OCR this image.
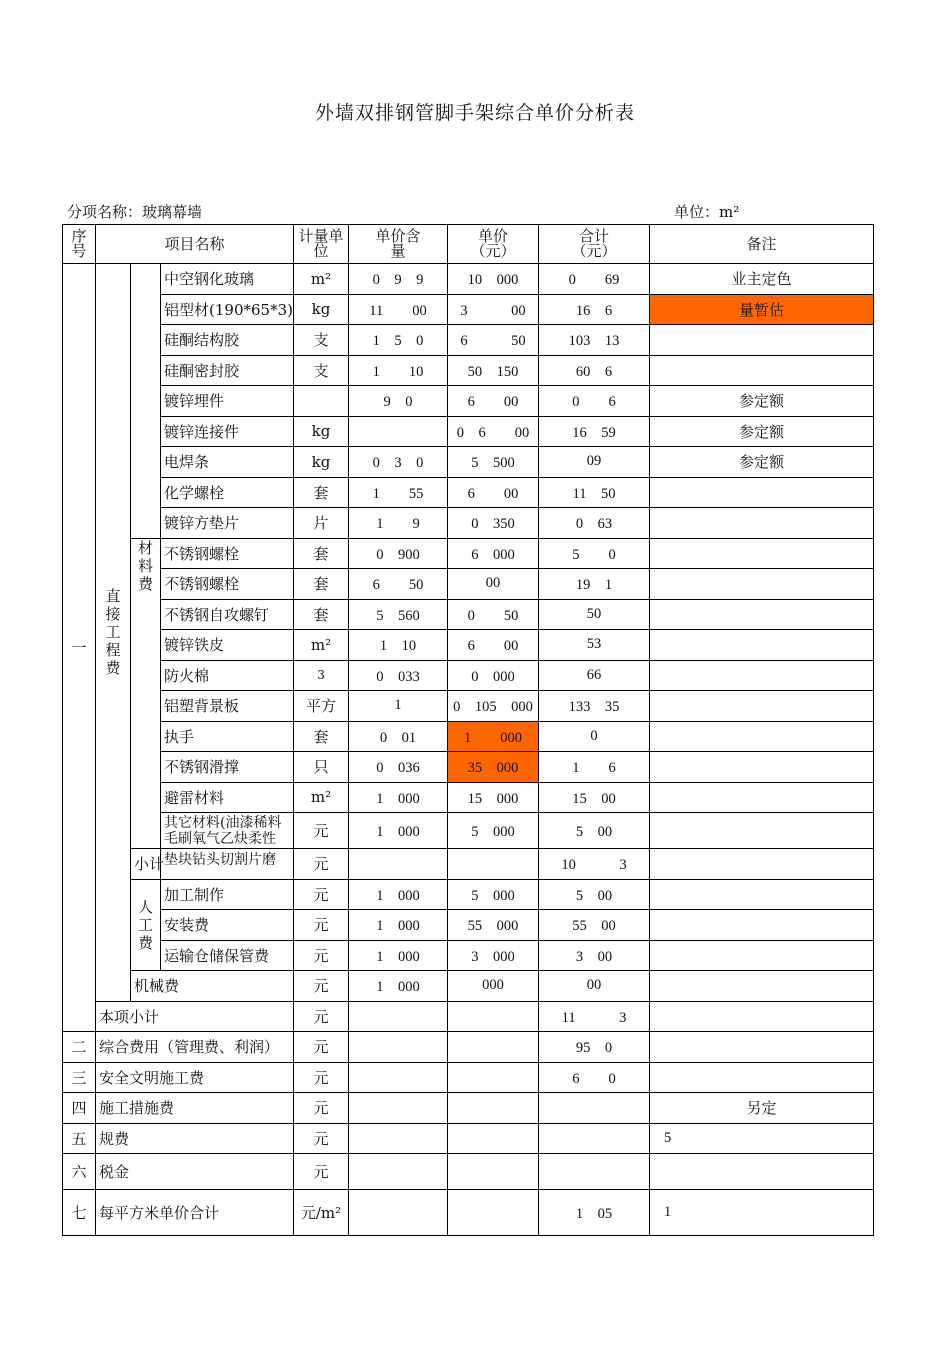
外墙双排钢管脚手架综合单价分析表
分项名称：玻璃幕墙	单位：m²
序号	项目名称			计量单位	单价含量	单价（元）	合计（元）	备注
一	直接工程费		中空钢化玻璃	m²	0　9　9	10　000	0　　69	业主定色
			铝型材(190*65*3)	kg	11　　00	3　　　00	16　6	量暂估
			硅酮结构胶	支	1　5　0	6　　　50	103　13	
			硅酮密封胶	支	1　　10	50　150	60　6	
			镀锌埋件		9　0	6　　00	0　　6	参定额
			镀锌连接件	kg		0　6　　00	16　59	参定额
			电焊条	kg	0　3　0	5　500	09	参定额
			化学螺栓	套	1　　55	6　　00	11　50	
			镀锌方垫片	片	1　　9	0　350	0　63	
		材料费	不锈钢螺栓	套	0　900	6　000	5　　0	
			不锈钢螺栓	套	6　　50	00	19　1	
			不锈钢自攻螺钉	套	5　560	0　　50	50	
			镀锌铁皮	m²	1　10	6　　00	53	
			防火棉	3	0　033	0　000	66	
			铝塑背景板	平方	1	0　105　000	133　35	
			执手	套	0　01	1　　000	0	
			不锈钢滑撑	只	0　036	35　000	1　　6	
			避雷材料	m²	1　000	15　000	15　00	
			其它材料(油漆稀料毛刷氧气乙炔柔性	元	1　000	5　000	5　00	
		小计	垫块钻头切割片磨	元			10　　　3	
		人工费	加工制作	元	1　000	5　000	5　00	
			安装费	元	1　000	55　000	55　00	
			运输仓储保管费	元	1　000	3　000	3　00	
		机械费		元	1　000	000	00	
	本项小计			元			11　　　3	
二	综合费用（管理费、利润）			元			95　0	
三	安全文明施工费			元			6　　0	
四	施工措施费			元				另定
五	规费			元				5
六	税金			元				
七	每平方米单价合计			元/m²			1　05	1
